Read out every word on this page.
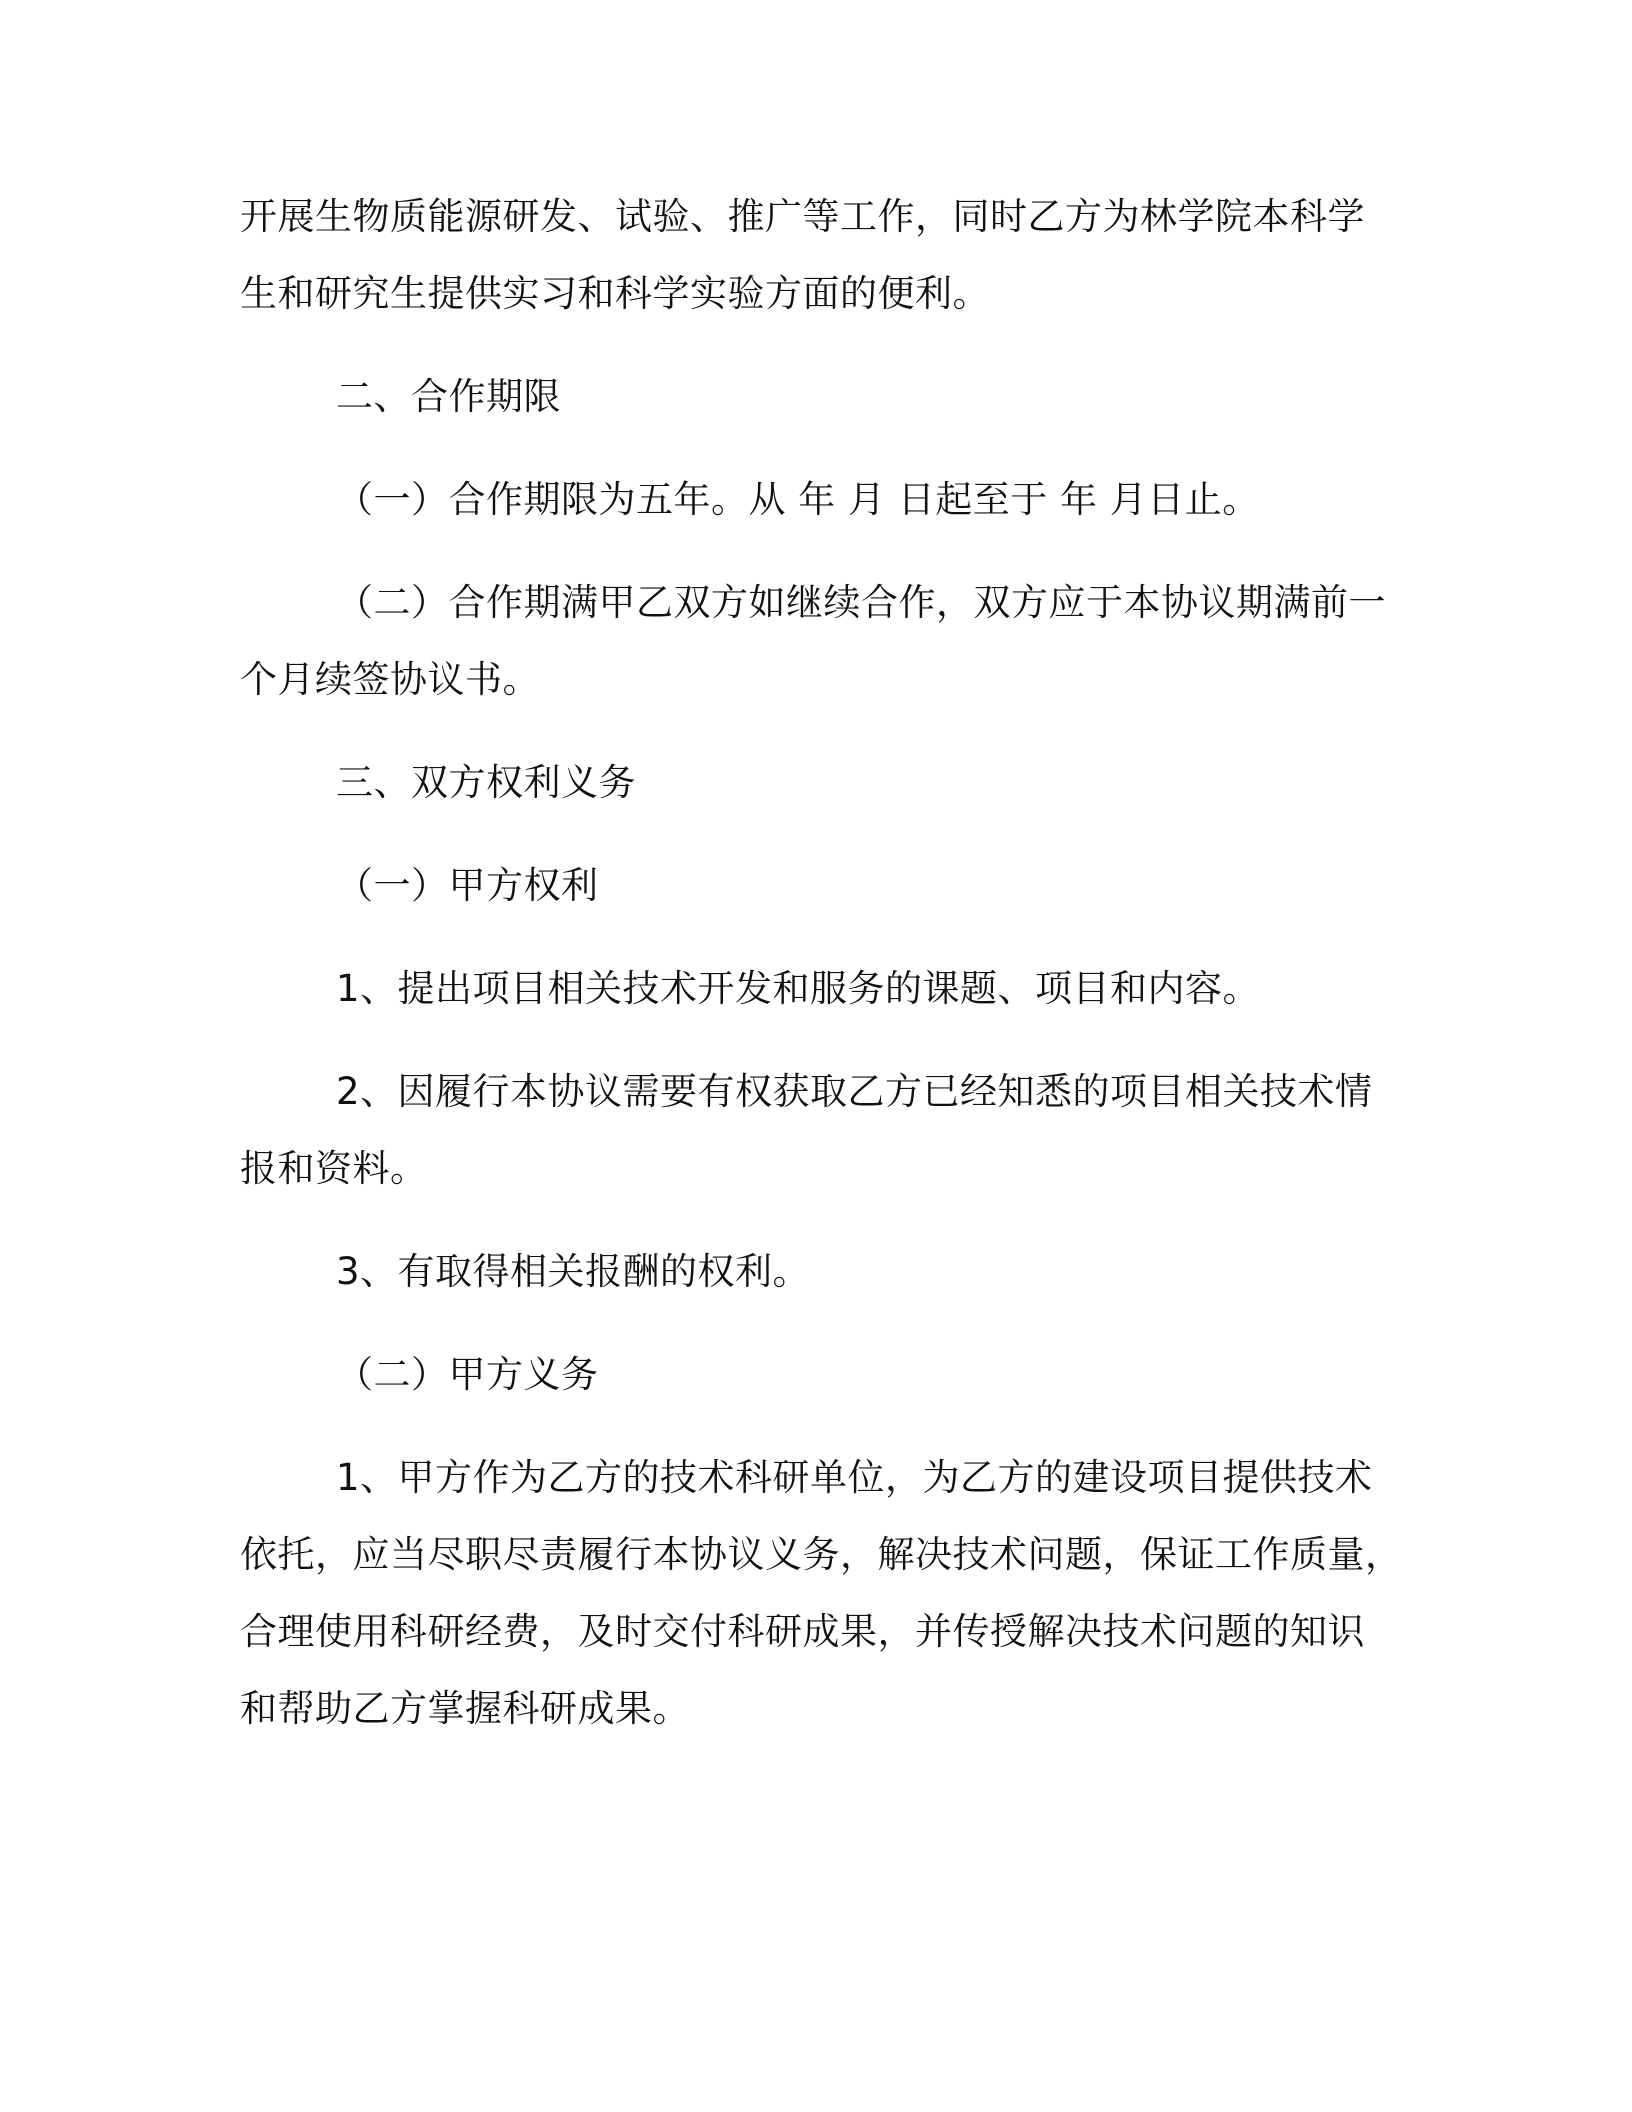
开展生物质能源研发、试验、推广等工作，同时乙方为林学院本科学
生和研究生提供实习和科学实验方面的便利。
二、合作期限
（一）合作期限为五年。从 年 月 日起至于 年 月日止。
（二）合作期满甲乙双方如继续合作，双方应于本协议期满前一
个月续签协议书。
三、双方权利义务
（一）甲方权利
1、提出项目相关技术开发和服务的课题、项目和内容。
2、因履行本协议需要有权获取乙方已经知悉的项目相关技术情
报和资料。
3、有取得相关报酬的权利。
（二）甲方义务
1、甲方作为乙方的技术科研单位，为乙方的建设项目提供技术
依托，应当尽职尽责履行本协议义务，解决技术问题，保证工作质量，
合理使用科研经费，及时交付科研成果，并传授解决技术问题的知识
和帮助乙方掌握科研成果。
